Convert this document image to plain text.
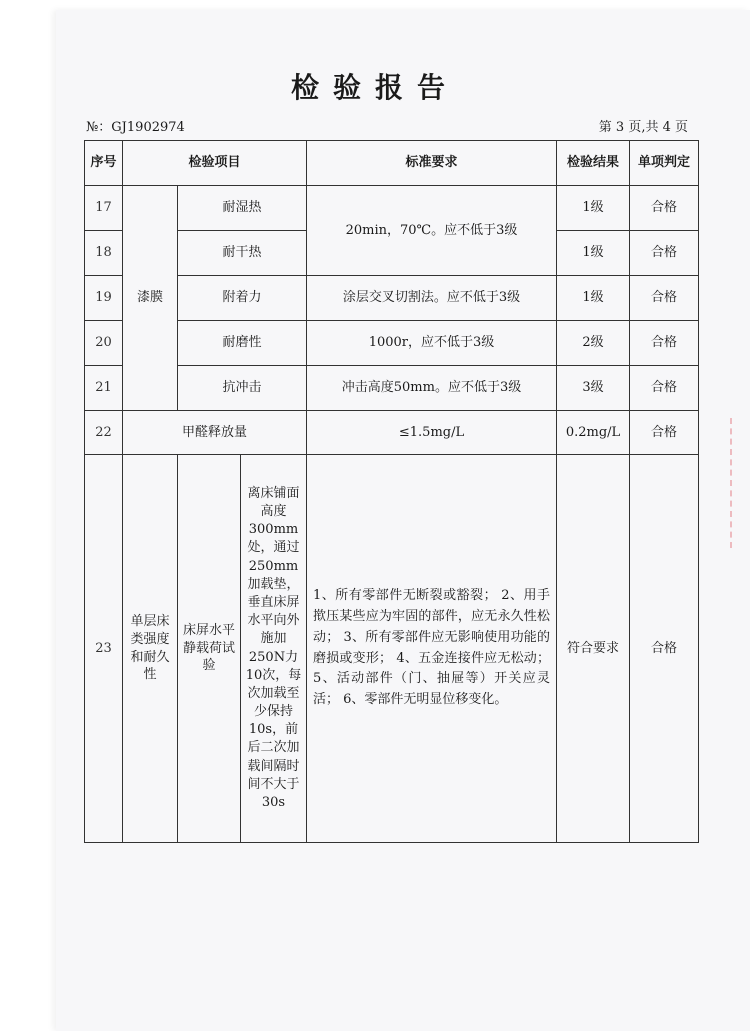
检验报告
№：GJ1902974	第 3 页,共 4 页
序号	检验项目			标准要求	检验结果	单项判定
17	漆膜	耐湿热		20min，70℃。应不低于3级	1级	合格
18		耐干热			1级	合格
19		附着力		涂层交叉切割法。应不低于3级	1级	合格
20		耐磨性		1000r，应不低于3级	2级	合格
21		抗冲击		冲击高度50mm。应不低于3级	3级	合格
22	甲醛释放量			≤1.5mg/L	0.2mg/L	合格
23	单层床类强度和耐久性	床屏水平静载荷试验	离床铺面高度300mm处，通过250mm加载垫，垂直床屏水平向外施加250N力10次，每次加载至少保持10s，前后二次加载间隔时间不大于30s	1、所有零部件无断裂或豁裂； 2、用手揿压某些应为牢固的部件，应无永久性松动； 3、所有零部件应无影响使用功能的磨损或变形； 4、五金连接件应无松动； 5、活动部件（门、抽屉等）开关应灵活； 6、零部件无明显位移变化。	符合要求	合格
